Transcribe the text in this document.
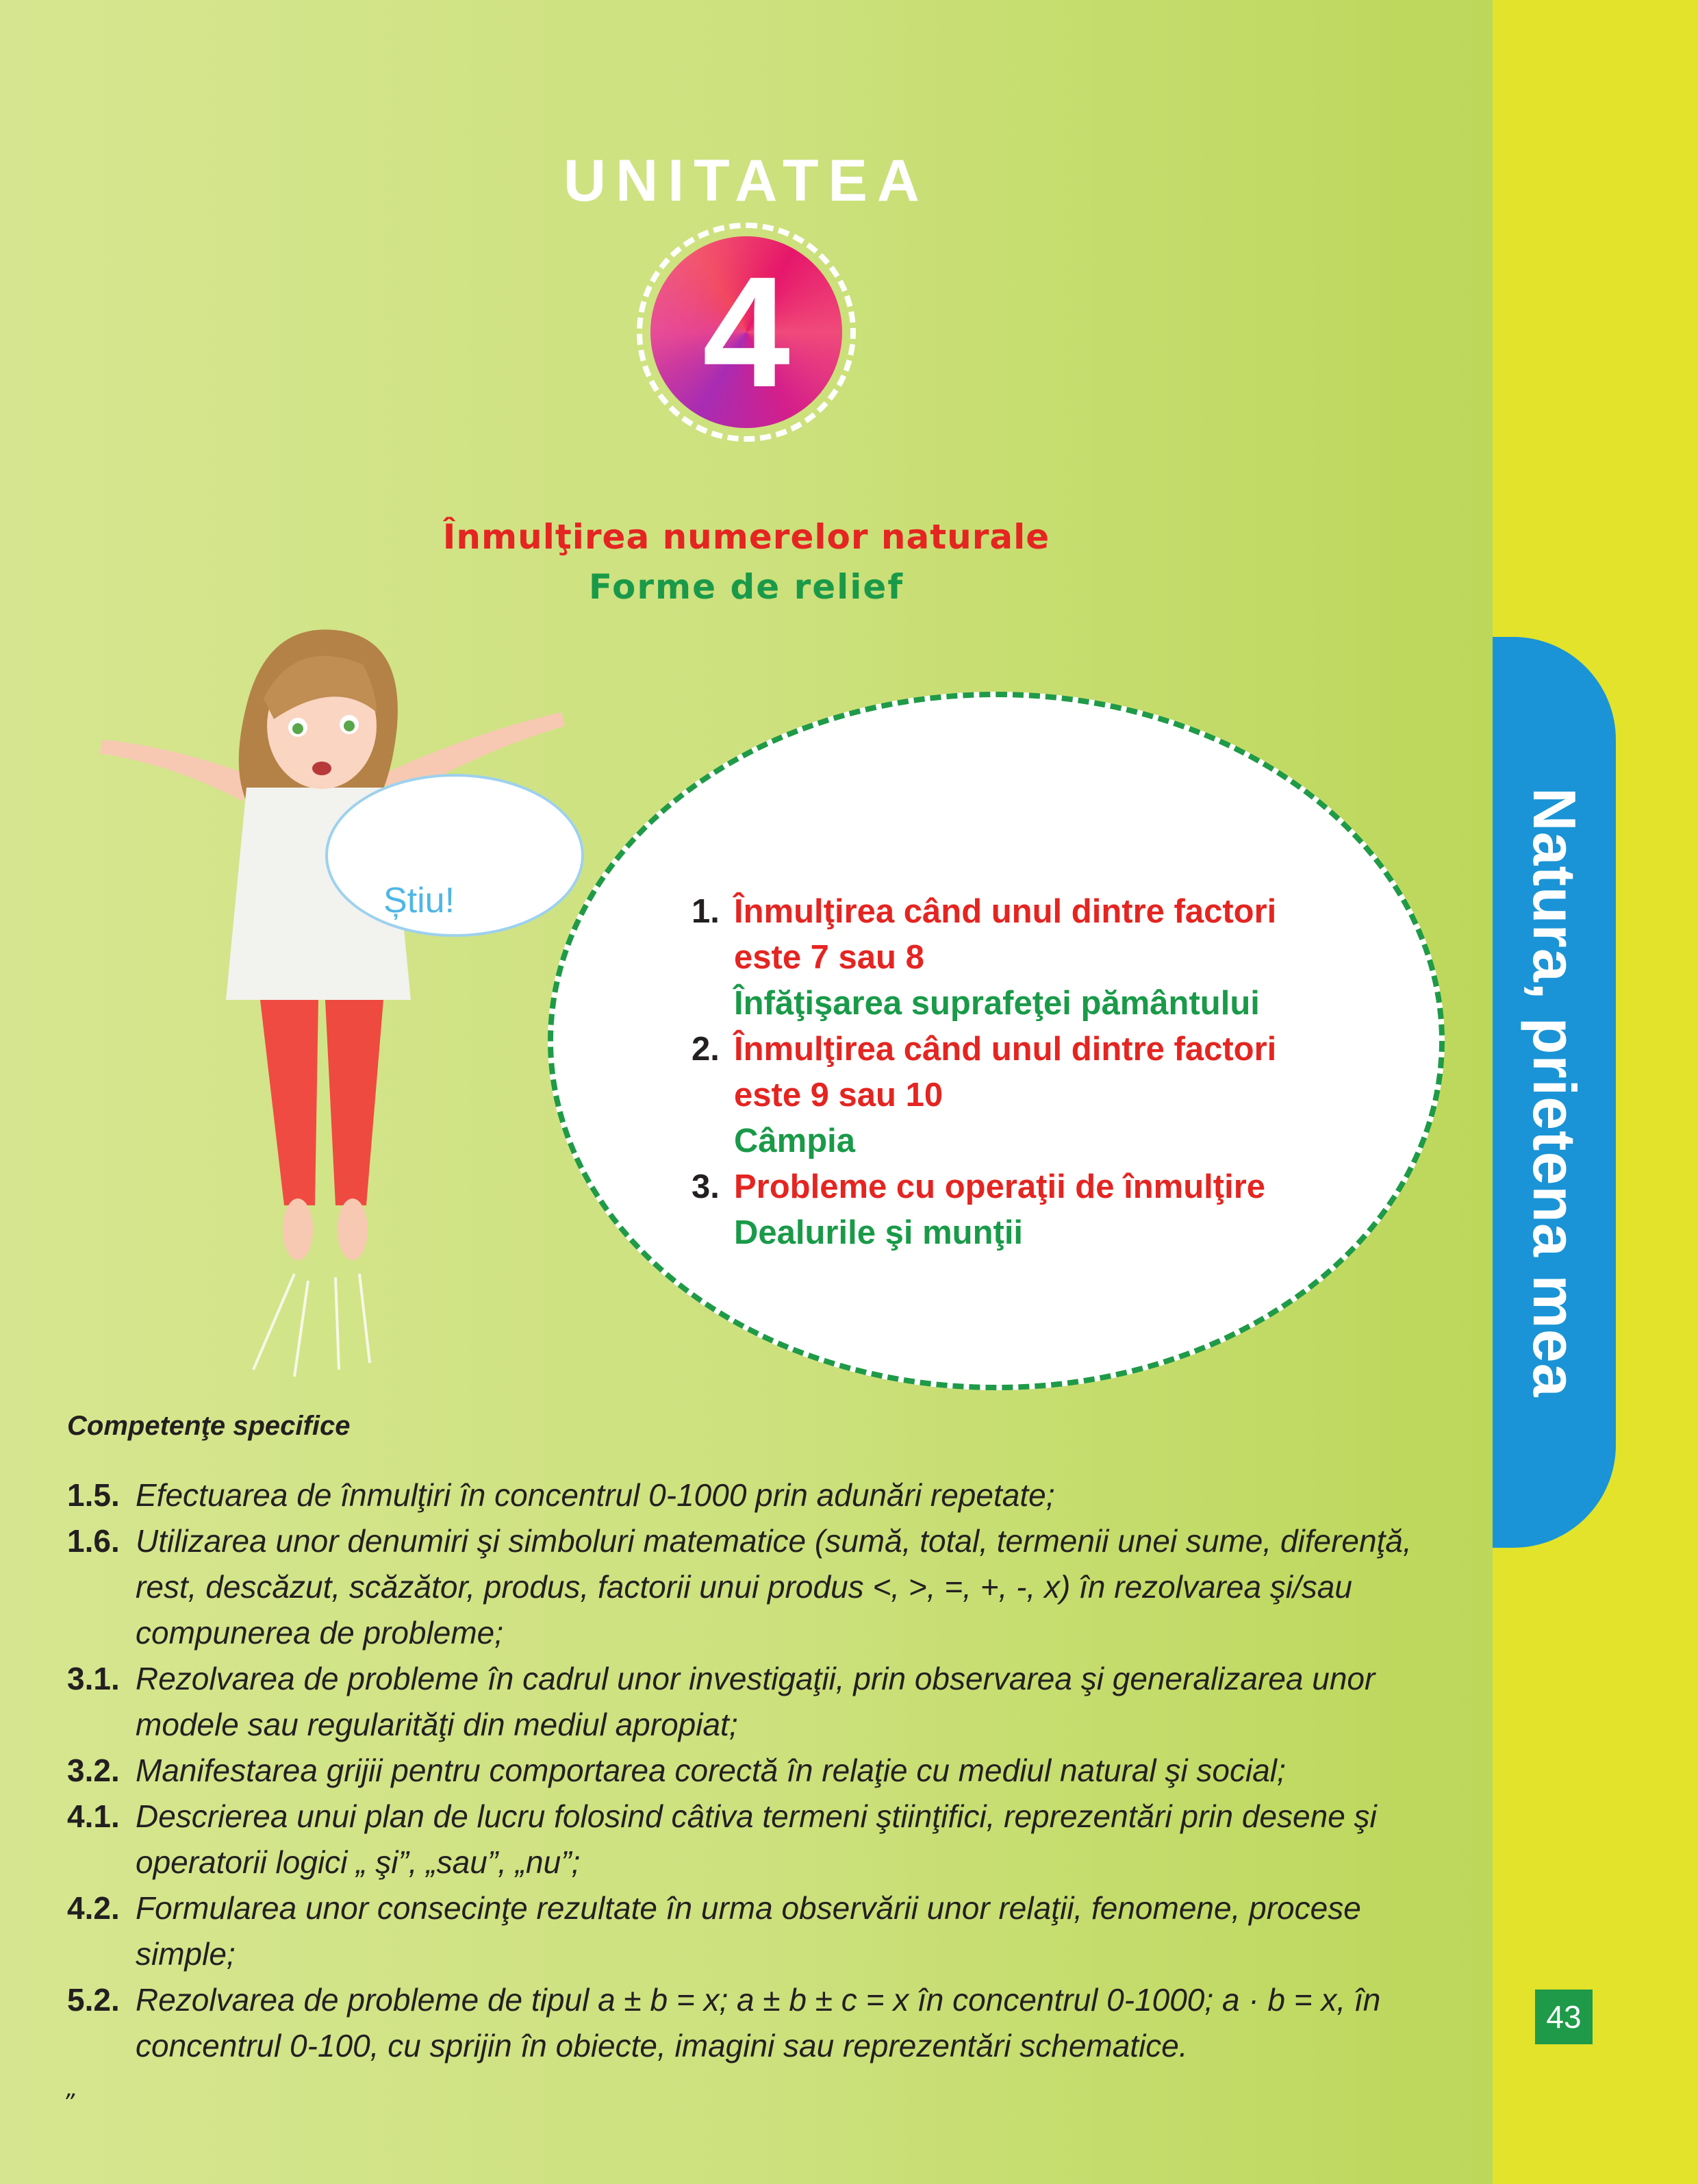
Natura, prietena mea
43
UNITATEA
4
Înmulţirea numerelor naturale
Forme de relief
Știu!	1. Înmulţirea când unul dintre factori
este 7 sau 8
Înfăţişarea suprafeţei pământului
2. Înmulţirea când unul dintre factori
este 9 sau 10
Câmpia
3. Probleme cu operaţii de înmulţire
Dealurile şi munţii
Competenţe specifice
1.5. Efectuarea de înmulţiri în concentrul 0-1000 prin adunări repetate;
1.6. Utilizarea unor denumiri şi simboluri matematice (sumă, total, termenii unei sume, diferenţă, rest, descăzut, scăzător, produs, factorii unui produs <, >, =, +, -, x) în rezolvarea şi/sau compunerea de probleme;
3.1. Rezolvarea de probleme în cadrul unor investigaţii, prin observarea şi generalizarea unor modele sau regularităţi din mediul apropiat;
3.2. Manifestarea grijii pentru comportarea corectă în relaţie cu mediul natural şi social;
4.1. Descrierea unui plan de lucru folosind câtiva termeni ştiinţifici, reprezentări prin desene şi operatorii logici „ şi”, „sau”, „nu”;
4.2. Formularea unor consecinţe rezultate în urma observării unor relaţii, fenomene, procese simple;
5.2. Rezolvarea de probleme de tipul a ± b = x; a ± b ± c = x în concentrul 0-1000; a · b = x, în concentrul 0-100, cu sprijin în obiecte, imagini sau reprezentări schematice.
„
